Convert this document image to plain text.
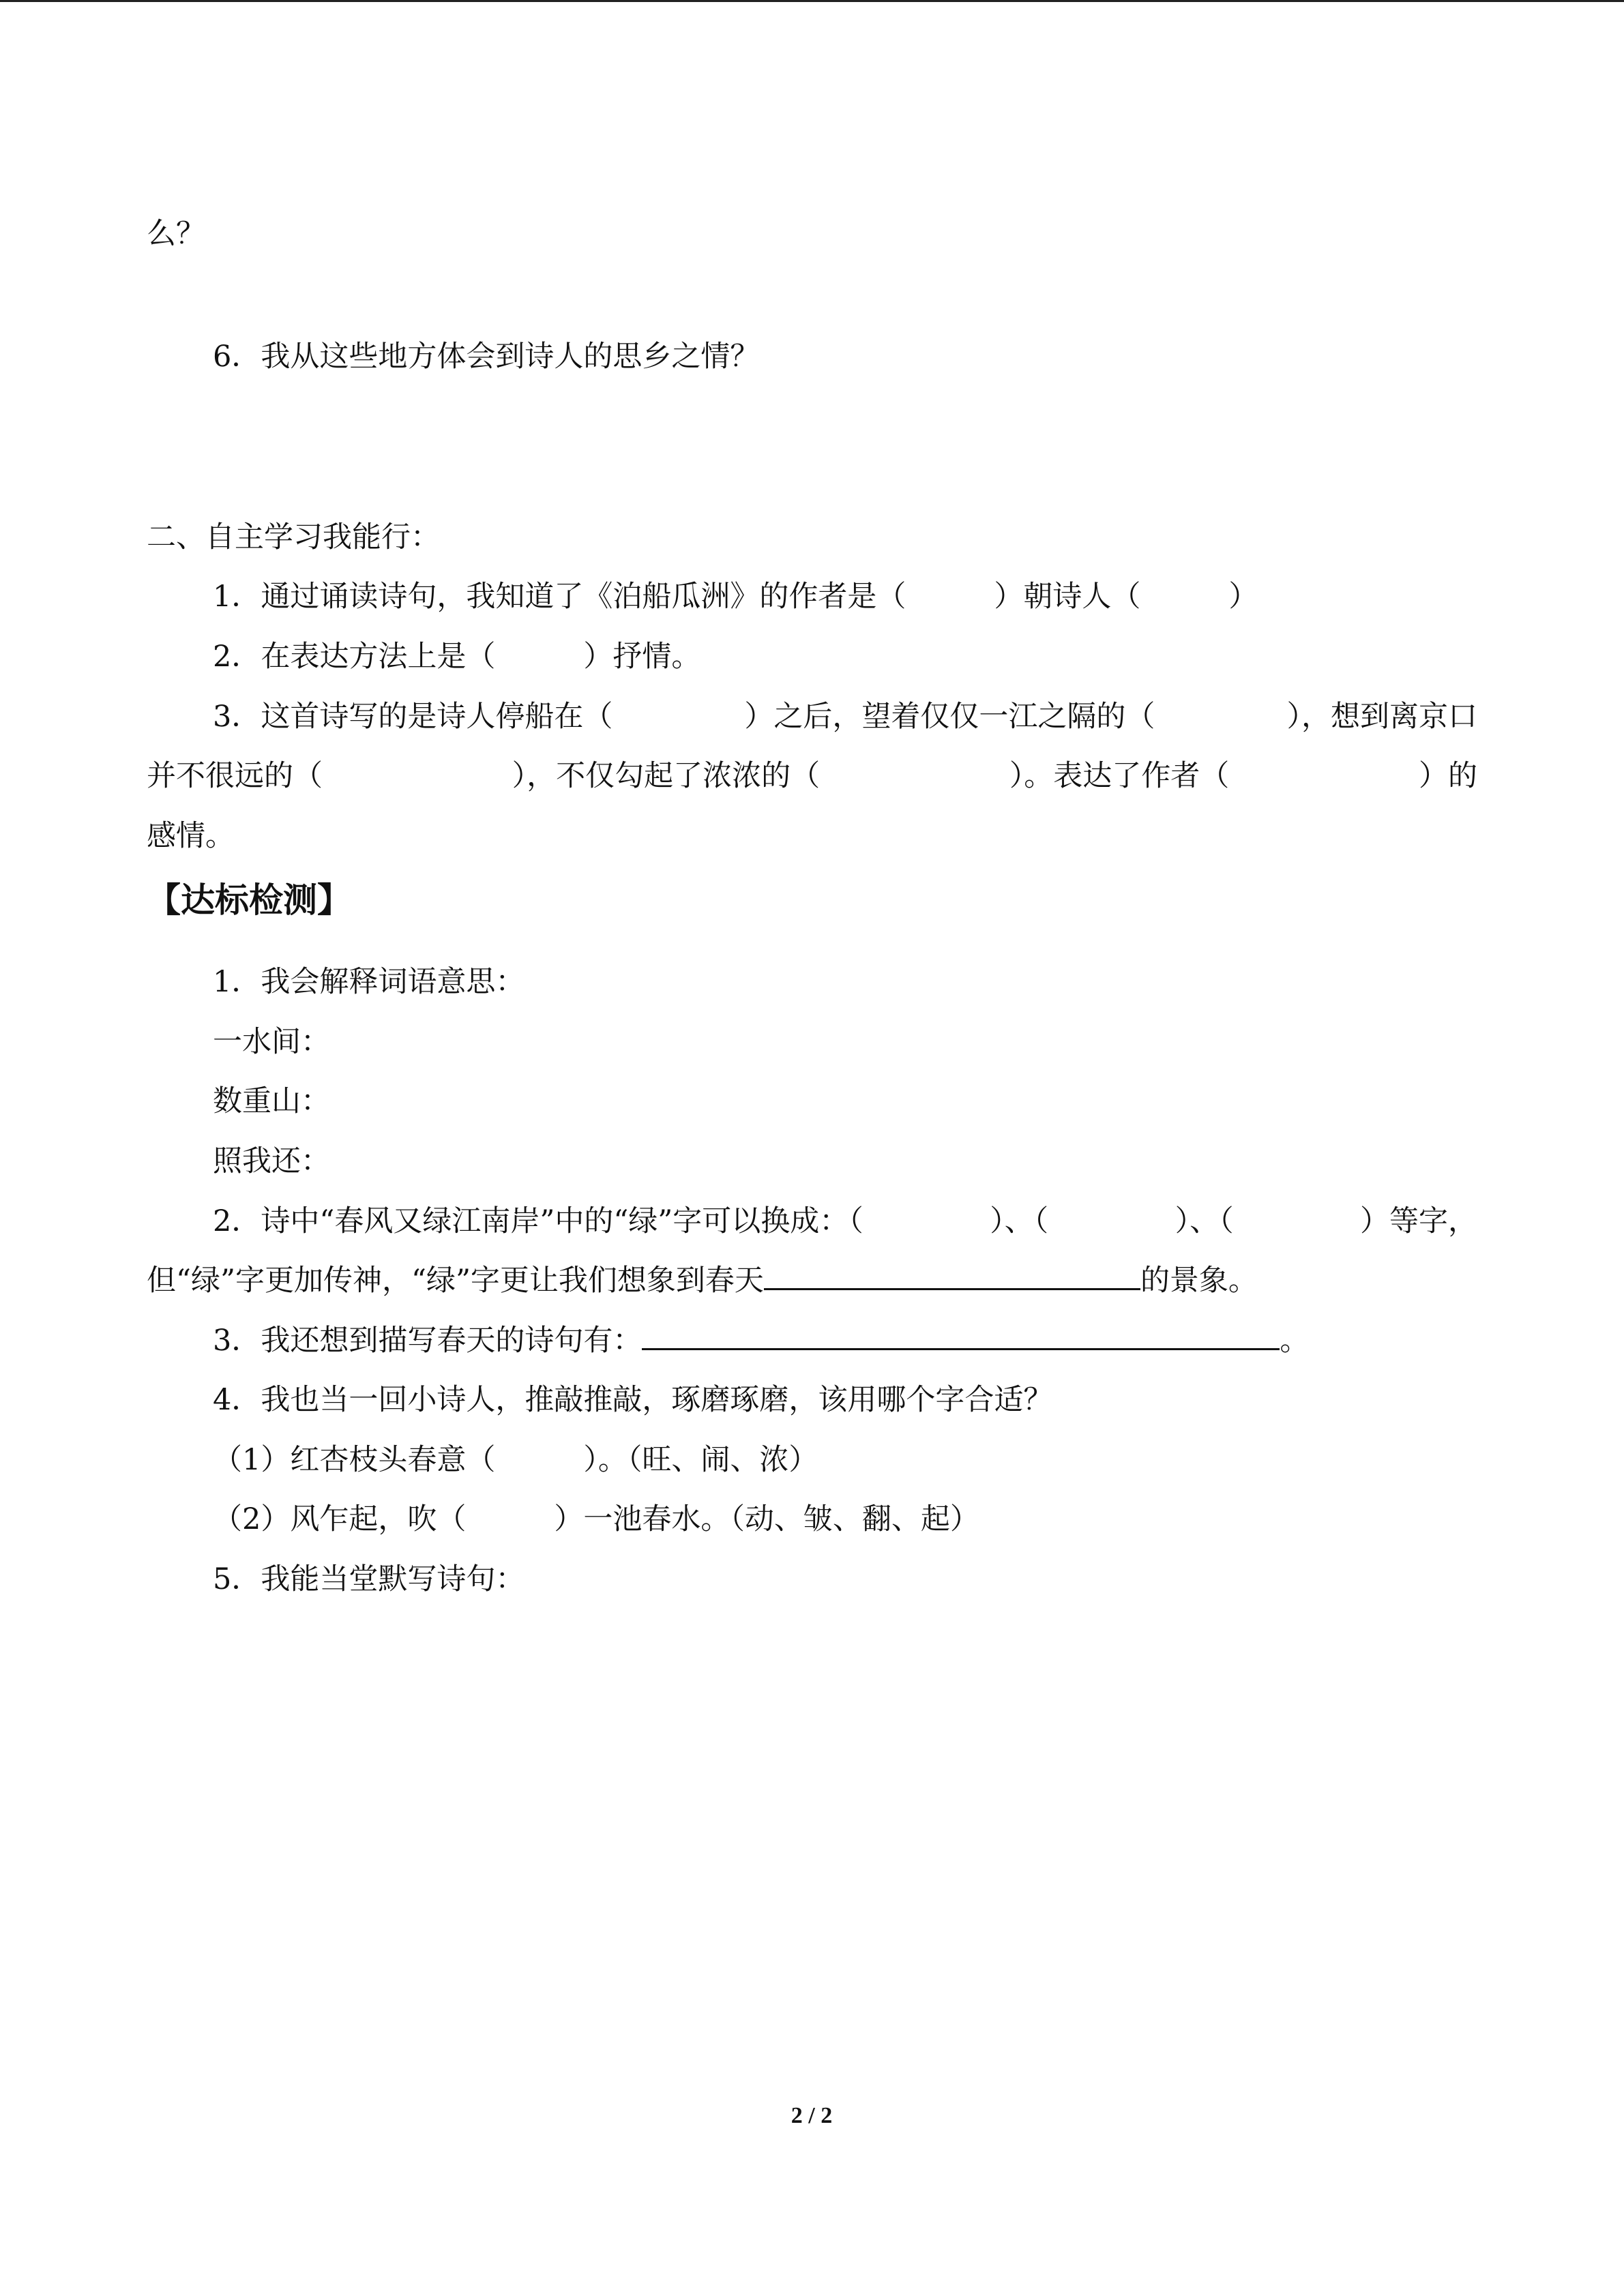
么？
6．我从这些地方体会到诗人的思乡之情？
二、自主学习我能行：
1．通过诵读诗句，我知道了《泊船瓜洲》的作者是（　　　）朝诗人（　　　）
2．在表达方法上是（　　　）抒情。
3．这首诗写的是诗人停船在（	）之后，望着仅仅一江之隔的（	），想到离京口
并不很远的（	），不仅勾起了浓浓的（	）。表达了作者（	）的
感情。
【达标检测】
1．我会解释词语意思：
一水间：
数重山：
照我还：
2．诗中“春风又绿江南岸”中的“绿”字可以换成：（	）、（	）、（	）等字，
但“绿”字更加传神，“绿”字更让我们想象到春天	的景象。
3．我还想到描写春天的诗句有：	。
4．我也当一回小诗人，推敲推敲，琢磨琢磨，该用哪个字合适？
（1）红杏枝头春意（　　　）。（旺、闹、浓）
（2）风乍起，吹（　　　）一池春水。（动、皱、翻、起）
5．我能当堂默写诗句：
2 / 2
